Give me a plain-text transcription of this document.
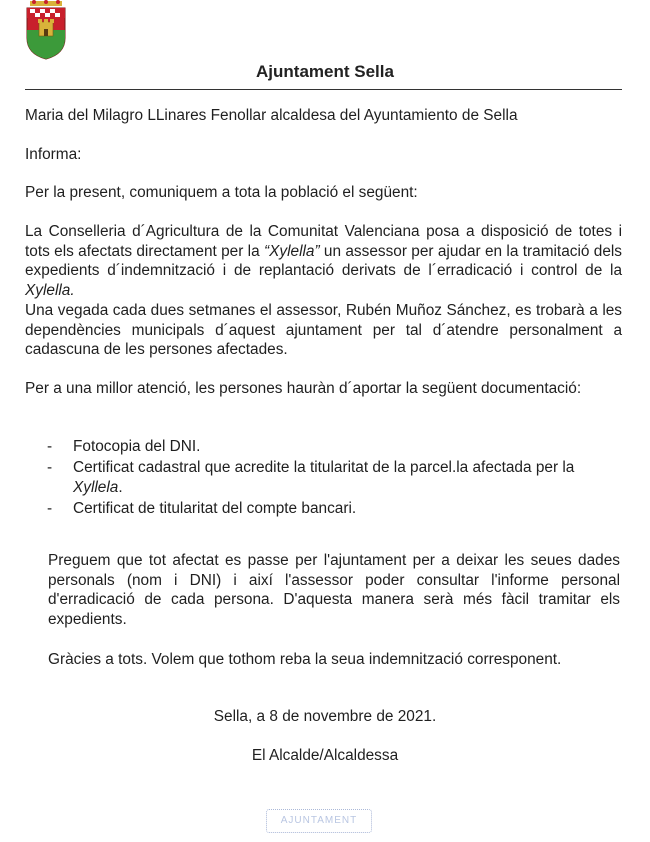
Ajuntament Sella

Maria del Milagro LLinares Fenollar alcaldesa del Ayuntamiento de Sella

Informa:

Per la present, comuniquem a tota la població el següent:

La Conselleria d´Agricultura de la Comunitat Valenciana posa a disposició de totes i tots els afectats directament per la “Xylella” un assessor per ajudar en la tramitació dels expedients d´indemnització i de replantació derivats de l´erradicació i control de la Xylella.

Una vegada cada dues setmanes el assessor, Rubén Muñoz Sánchez, es trobarà a les dependències municipals d´aquest ajuntament per tal d´atendre personalment a cadascuna de les persones afectades.

Per a una millor atenció, les persones hauràn d´aportar la següent documentació:

- Fotocopia del DNI.
- Certificat cadastral que acredite la titularitat de la parcel.la afectada per la Xyllela.
- Certificat de titularitat del compte bancari.

Preguem que tot afectat es passe per l'ajuntament per a deixar les seues dades personals (nom i DNI) i així l'assessor poder consultar l'informe personal d'erradicació de cada persona. D'aquesta manera serà més fàcil tramitar els expedients.

Gràcies a tots. Volem que tothom reba la seua indemnització corresponent.

Sella, a 8 de novembre de 2021.
El Alcalde/Alcaldessa
AJUNTAMENT
